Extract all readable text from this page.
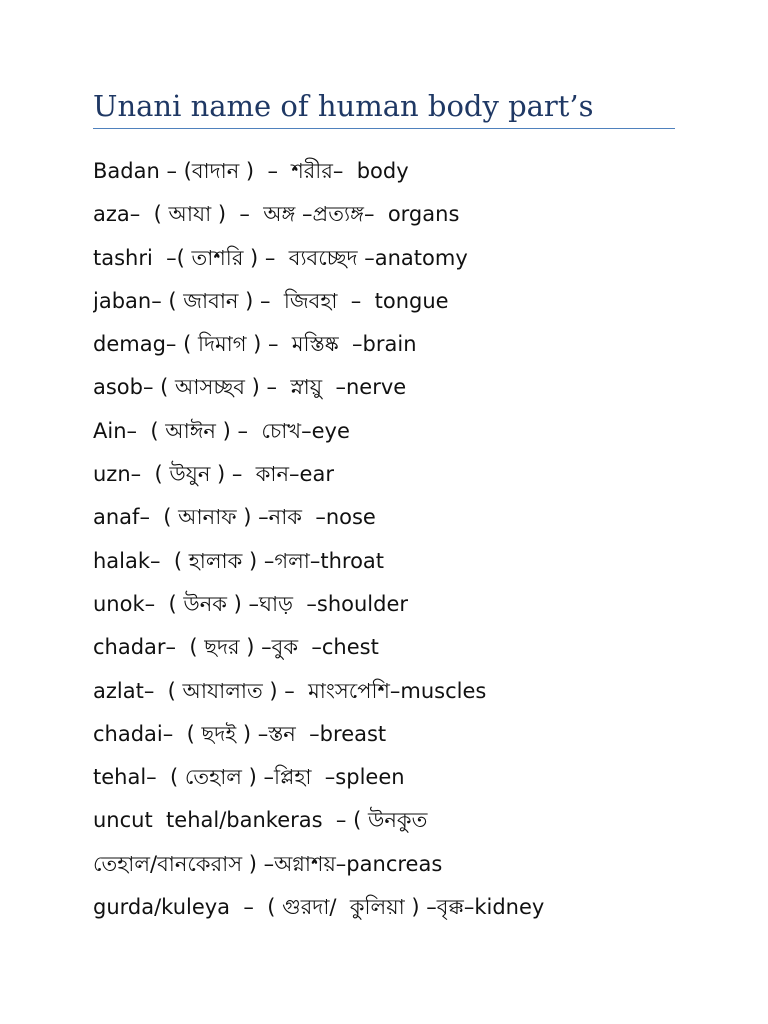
Unani name of human body part’s
Badan – (বাদান )  –  শরীর–  body
aza–  ( আযা )  –  অঙ্গ –প্রত্যঙ্গ–  organs
tashri  –( তাশরি ) –  ব্যবচ্ছেদ –anatomy
jaban– ( জাবান ) –  জিবহা  –  tongue
demag– ( দিমাগ ) –  মস্তিষ্ক  –brain
asob– ( আসচ্ছব ) –  স্নায়ু  –nerve
Ain–  ( আঈন ) –  চোখ–eye
uzn–  ( উযুন ) –  কান–ear
anaf–  ( আনাফ ) –নাক  –nose
halak–  ( হালাক ) –গলা–throat
unok–  ( উনক ) –ঘাড়  –shoulder
chadar–  ( ছদর ) –বুক  –chest
azlat–  ( আযালাত ) –  মাংসপেশি–muscles
chadai–  ( ছদই ) –স্তন  –breast
tehal–  ( তেহাল ) –প্লিহা  –spleen
uncut  tehal/bankeras  – ( উনকুত
তেহাল/বানকেরাস ) –অগ্নাশয়–pancreas
gurda/kuleya  –  ( গুরদা/  কুলিয়া ) –বৃক্ক–kidney
